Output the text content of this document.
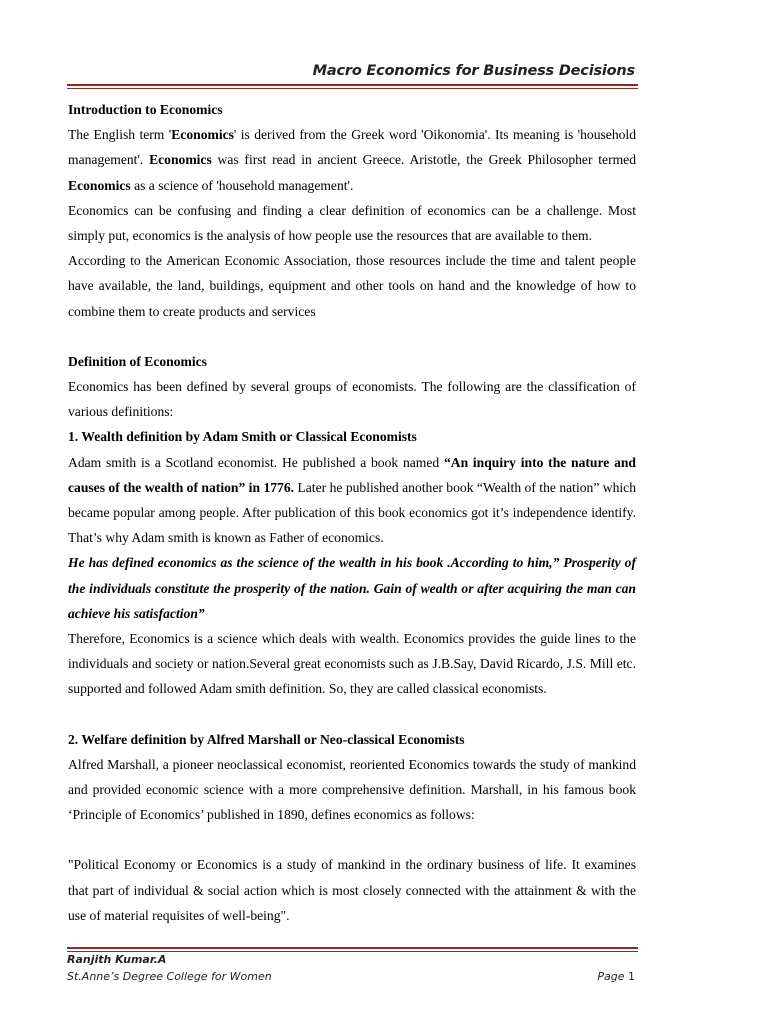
Macro Economics for Business Decisions

Introduction to Economics

The English term 'Economics' is derived from the Greek word 'Oikonomia'. Its meaning is 'household management'. Economics was first read in ancient Greece. Aristotle, the Greek Philosopher termed Economics as a science of 'household management'.

Economics can be confusing and finding a clear definition of economics can be a challenge. Most simply put, economics is the analysis of how people use the resources that are available to them.

According to the American Economic Association, those resources include the time and talent people have available, the land, buildings, equipment and other tools on hand and the knowledge of how to combine them to create products and services

Definition of Economics

Economics has been defined by several groups of economists. The following are the classification of various definitions:

1. Wealth definition by Adam Smith or Classical Economists

Adam smith is a Scotland economist. He published a book named “An inquiry into the nature and causes of the wealth of nation” in 1776. Later he published another book “Wealth of the nation” which became popular among people. After publication of this book economics got it’s independence identify. That’s why Adam smith is known as Father of economics.

He has defined economics as the science of the wealth in his book .According to him,” Prosperity of the individuals constitute the prosperity of the nation. Gain of wealth or after acquiring the man can achieve his satisfaction”

Therefore, Economics is a science which deals with wealth. Economics provides the guide lines to the individuals and society or nation.Several great economists such as J.B.Say, David Ricardo, J.S. Mill etc. supported and followed Adam smith definition. So, they are called classical economists.

2. Welfare definition by Alfred Marshall or Neo-classical Economists

Alfred Marshall, a pioneer neoclassical economist, reoriented Economics towards the study of mankind and provided economic science with a more comprehensive definition. Marshall, in his famous book ‘Principle of Economics’ published in 1890, defines economics as follows:

"Political Economy or Economics is a study of mankind in the ordinary business of life. It examines that part of individual & social action which is most closely connected with the attainment & with the use of material requisites of well-being".

Ranjith Kumar.A
St.Anne’s Degree College for Women	Page 1
